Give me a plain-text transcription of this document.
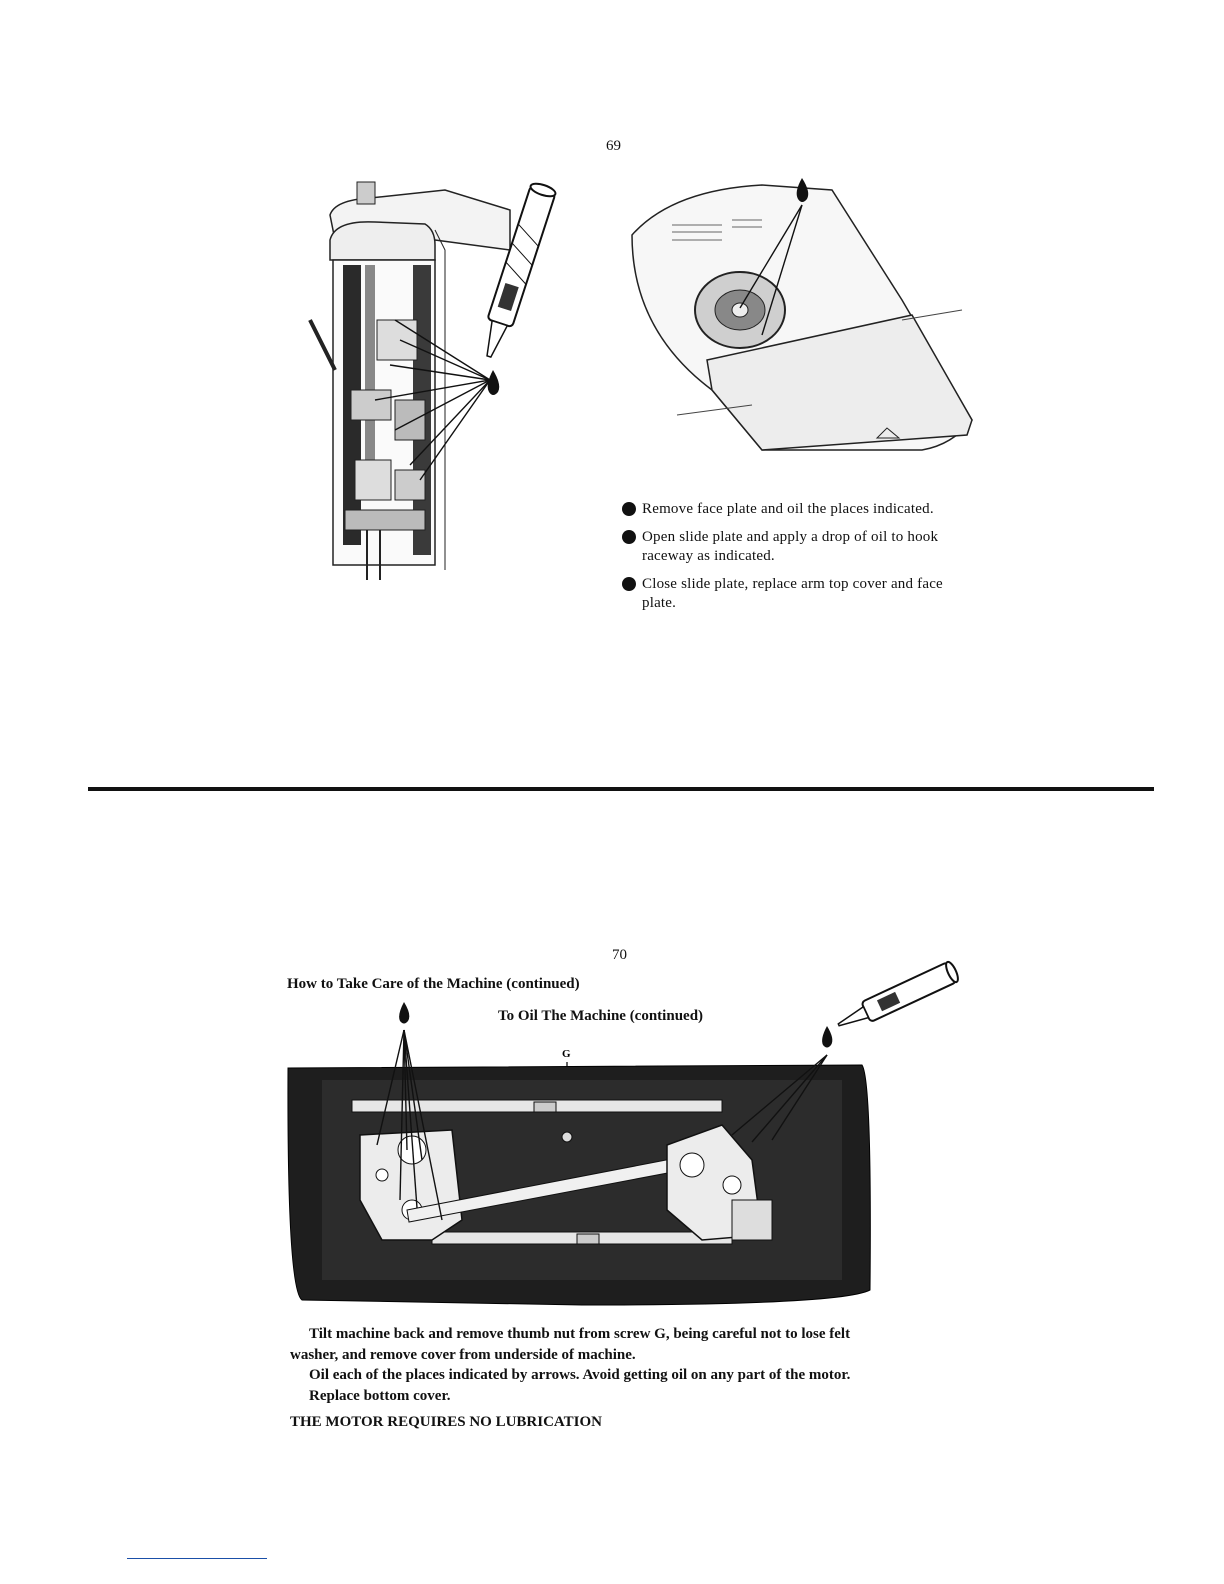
69
Remove face plate and oil the places indicated.
Open slide plate and apply a drop of oil to hook raceway as indicated.
Close slide plate, replace arm top cover and face plate.
70
How to Take Care of the Machine (continued)
To Oil The Machine (continued)
G
Tilt machine back and remove thumb nut from screw G, being careful not to lose felt
washer, and remove cover from underside of machine.
Oil each of the places indicated by arrows. Avoid getting oil on any part of the motor.
Replace bottom cover.
THE MOTOR REQUIRES NO LUBRICATION
